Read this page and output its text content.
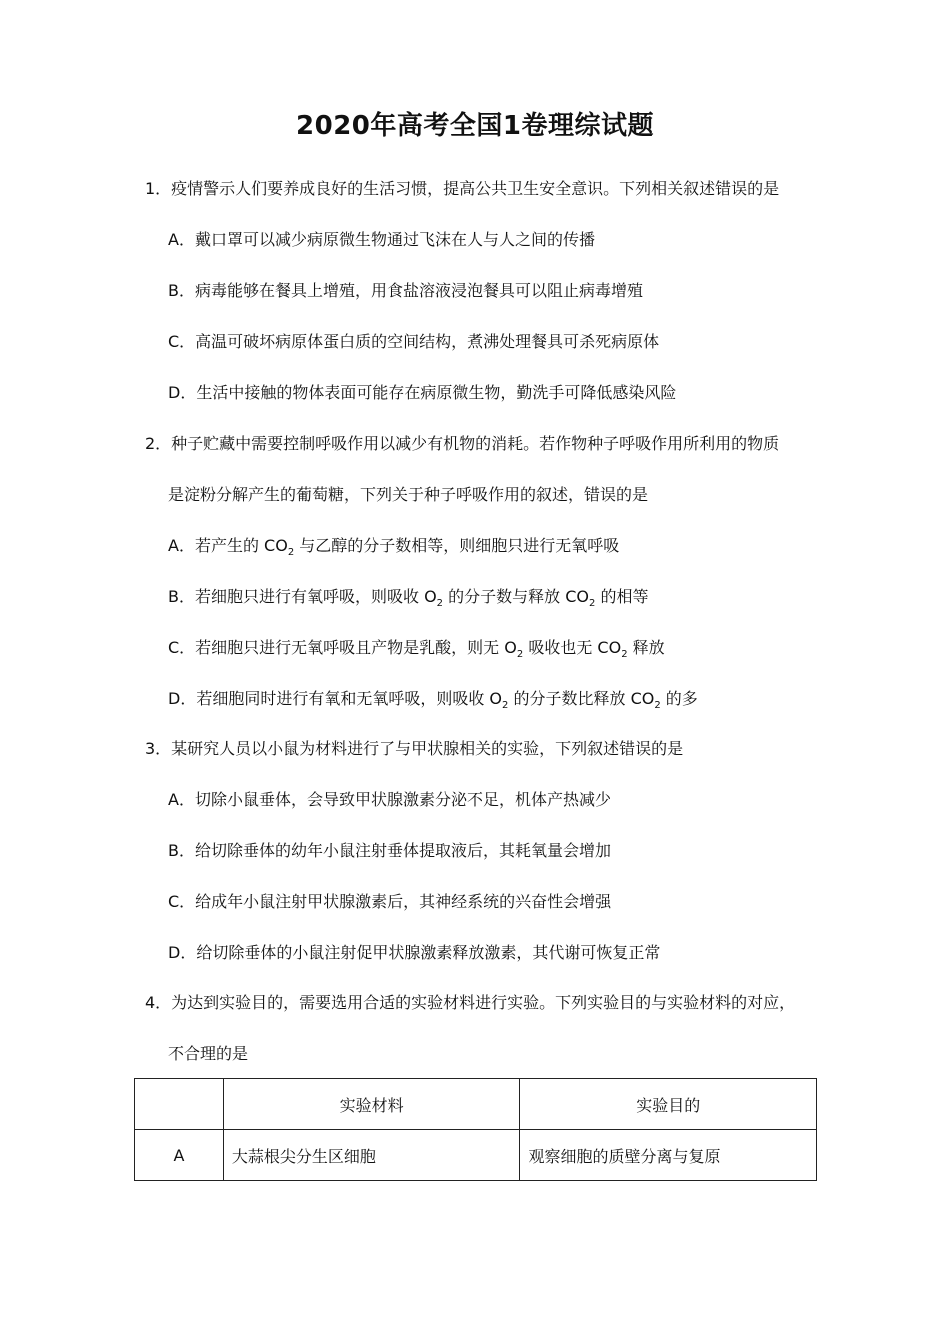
2020年高考全国1卷理综试题
1．疫情警示人们要养成良好的生活习惯，提高公共卫生安全意识。下列相关叙述错误的是
A．戴口罩可以减少病原微生物通过飞沫在人与人之间的传播
B．病毒能够在餐具上增殖，用食盐溶液浸泡餐具可以阻止病毒增殖
C．高温可破坏病原体蛋白质的空间结构，煮沸处理餐具可杀死病原体
D．生活中接触的物体表面可能存在病原微生物，勤洗手可降低感染风险
2．种子贮藏中需要控制呼吸作用以减少有机物的消耗。若作物种子呼吸作用所利用的物质
是淀粉分解产生的葡萄糖，下列关于种子呼吸作用的叙述，错误的是
A．若产生的 $CO_2$ 与乙醇的分子数相等，则细胞只进行无氧呼吸
B．若细胞只进行有氧呼吸，则吸收 $O_2$ 的分子数与释放 $CO_2$ 的相等
C．若细胞只进行无氧呼吸且产物是乳酸，则无 $O_2$ 吸收也无 $CO_2$ 释放
D．若细胞同时进行有氧和无氧呼吸，则吸收 $O_2$ 的分子数比释放 $CO_2$ 的多
3．某研究人员以小鼠为材料进行了与甲状腺相关的实验，下列叙述错误的是
A．切除小鼠垂体，会导致甲状腺激素分泌不足，机体产热减少
B．给切除垂体的幼年小鼠注射垂体提取液后，其耗氧量会增加
C．给成年小鼠注射甲状腺激素后，其神经系统的兴奋性会增强
D．给切除垂体的小鼠注射促甲状腺激素释放激素，其代谢可恢复正常
4．为达到实验目的，需要选用合适的实验材料进行实验。下列实验目的与实验材料的对应，
不合理的是
	实验材料	实验目的
A	大蒜根尖分生区细胞	观察细胞的质壁分离与复原
